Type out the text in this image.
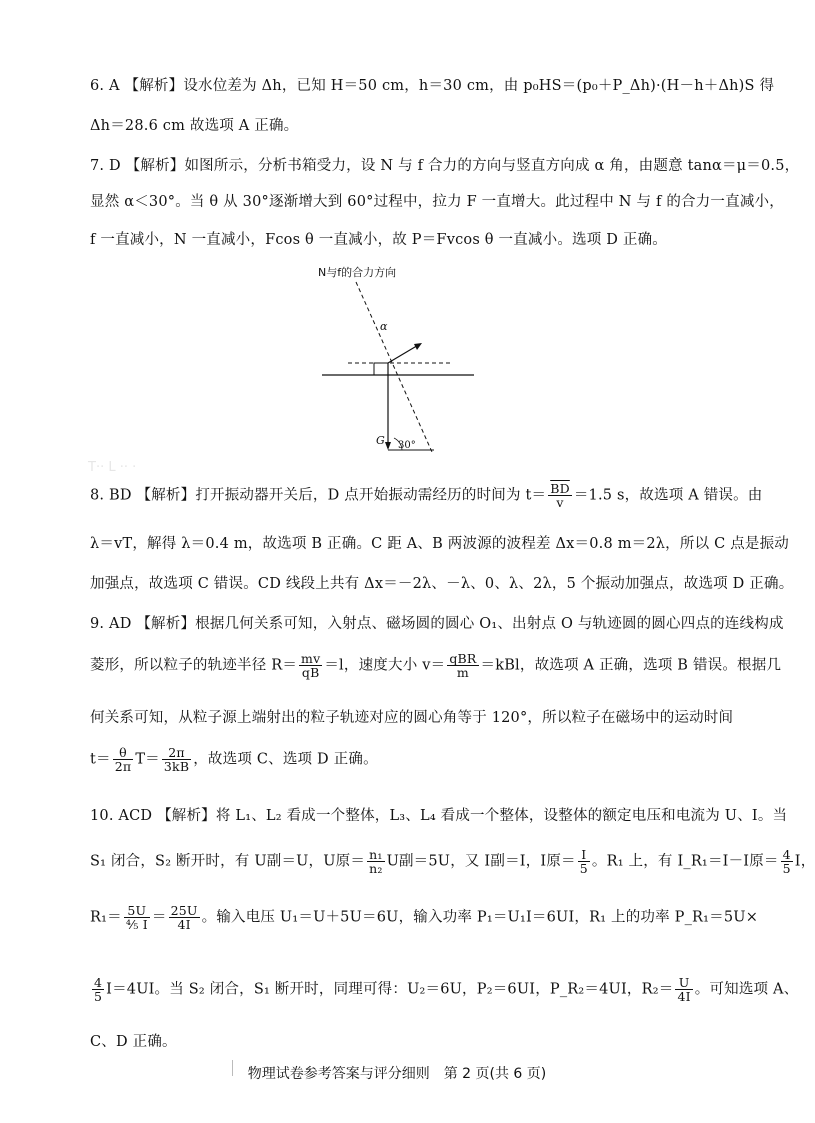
6. A 【解析】设水位差为 Δh，已知 H＝50 cm，h＝30 cm，由 p₀HS＝(p₀＋P_Δh)·(H－h＋Δh)S 得

Δh＝28.6 cm 故选项 A 正确。

7. D 【解析】如图所示，分析书箱受力，设 N 与 f 合力的方向与竖直方向成 α 角，由题意 tanα＝μ＝0.5，

显然 α＜30°。当 θ 从 30°逐渐增大到 60°过程中，拉力 F 一直增大。此过程中 N 与 f 的合力一直减小，

f 一直减小，N 一直减小，Fcos θ 一直减小，故 P＝Fvcos θ 一直减小。选项 D 正确。

N与f的合力方向
α
G 30°
T·· L ·· ·

8. BD 【解析】打开振动器开关后，D 点开始振动需经历的时间为 $t= \frac{\overline{BD}}{v} =1.5$ s，故选项 A 错误。由

λ＝vT，解得 λ＝0.4 m，故选项 B 正确。C 距 A、B 两波源的波程差 Δx＝0.8 m＝2λ，所以 C 点是振动

加强点，故选项 C 错误。CD 线段上共有 Δx＝－2λ、－λ、0、λ、2λ，5 个振动加强点，故选项 D 正确。

9. AD 【解析】根据几何关系可知，入射点、磁场圆的圆心 O₁、出射点 O 与轨迹圆的圆心四点的连线构成

菱形，所以粒子的轨迹半径 $R= \frac{mv}{qB} =l$，速度大小 $v= \frac{\text{qBR}}{m} =kBl$，故选项 A 正确，选项 B 错误。根据几

何关系可知，从粒子源上端射出的粒子轨迹对应的圆心角等于 120°，所以粒子在磁场中的运动时间

$t= \frac{\theta}{2\pi} T= \frac{2\pi}{3kB}$ ，故选项 C、选项 D 正确。

10. ACD 【解析】将 L₁、L₂ 看成一个整体，L₃、L₄ 看成一个整体，设整体的额定电压和电流为 U、I。当

S₁ 闭合，S₂ 断开时，有 U副＝U，U原＝ $\frac{\text{n₁}}{\text{n₂}}$ U副＝5U，又 I副＝I，I原＝ $\frac{I}{5}$ 。R₁ 上，有 I_R₁＝I－I原＝ $\frac{4}{5}$ I，

$R_1= \frac{5U}{\text{⁴⁄₅ I}} = \frac{25U}{4I}$ 。输入电压 U₁＝U＋5U＝6U，输入功率 P₁＝U₁I＝6UI，R₁ 上的功率 P_R₁＝5U×

$\frac{4}{5} I=4UI$。当 S₂ 闭合，S₁ 断开时，同理可得：U₂＝6U，P₂＝6UI，P_R₂＝4UI，$R_2= \frac{U}{4I}$ 。可知选项 A、

C、D 正确。

物理试卷参考答案与评分细则　第 2 页(共 6 页)
